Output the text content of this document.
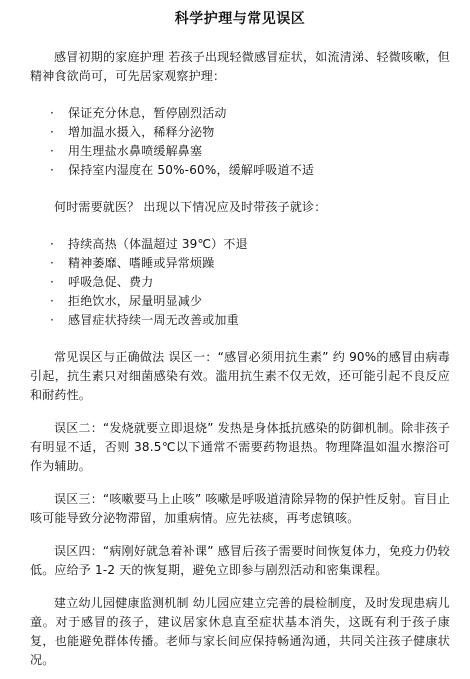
科学护理与常见误区

感冒初期的家庭护理 若孩子出现轻微感冒症状，如流清涕、轻微咳嗽，但精神食欲尚可，可先居家观察护理：

· 保证充分休息，暂停剧烈活动
· 增加温水摄入，稀释分泌物
· 用生理盐水鼻喷缓解鼻塞
· 保持室内湿度在 50%-60%，缓解呼吸道不适

何时需要就医？ 出现以下情况应及时带孩子就诊：

· 持续高热（体温超过 39℃）不退
· 精神萎靡、嗜睡或异常烦躁
· 呼吸急促、费力
· 拒绝饮水，尿量明显减少
· 感冒症状持续一周无改善或加重

常见误区与正确做法 误区一：“感冒必须用抗生素” 约 90%的感冒由病毒引起，抗生素只对细菌感染有效。滥用抗生素不仅无效，还可能引起不良反应和耐药性。

误区二：“发烧就要立即退烧” 发热是身体抵抗感染的防御机制。除非孩子有明显不适，否则 38.5℃以下通常不需要药物退热。物理降温如温水擦浴可作为辅助。

误区三：“咳嗽要马上止咳” 咳嗽是呼吸道清除异物的保护性反射。盲目止咳可能导致分泌物滞留，加重病情。应先祛痰，再考虑镇咳。

误区四：“病刚好就急着补课” 感冒后孩子需要时间恢复体力，免疫力仍较低。应给予 1-2 天的恢复期，避免立即参与剧烈活动和密集课程。

建立幼儿园健康监测机制 幼儿园应建立完善的晨检制度，及时发现患病儿童。对于感冒的孩子，建议居家休息直至症状基本消失，这既有利于孩子康复，也能避免群体传播。老师与家长间应保持畅通沟通，共同关注孩子健康状况。
